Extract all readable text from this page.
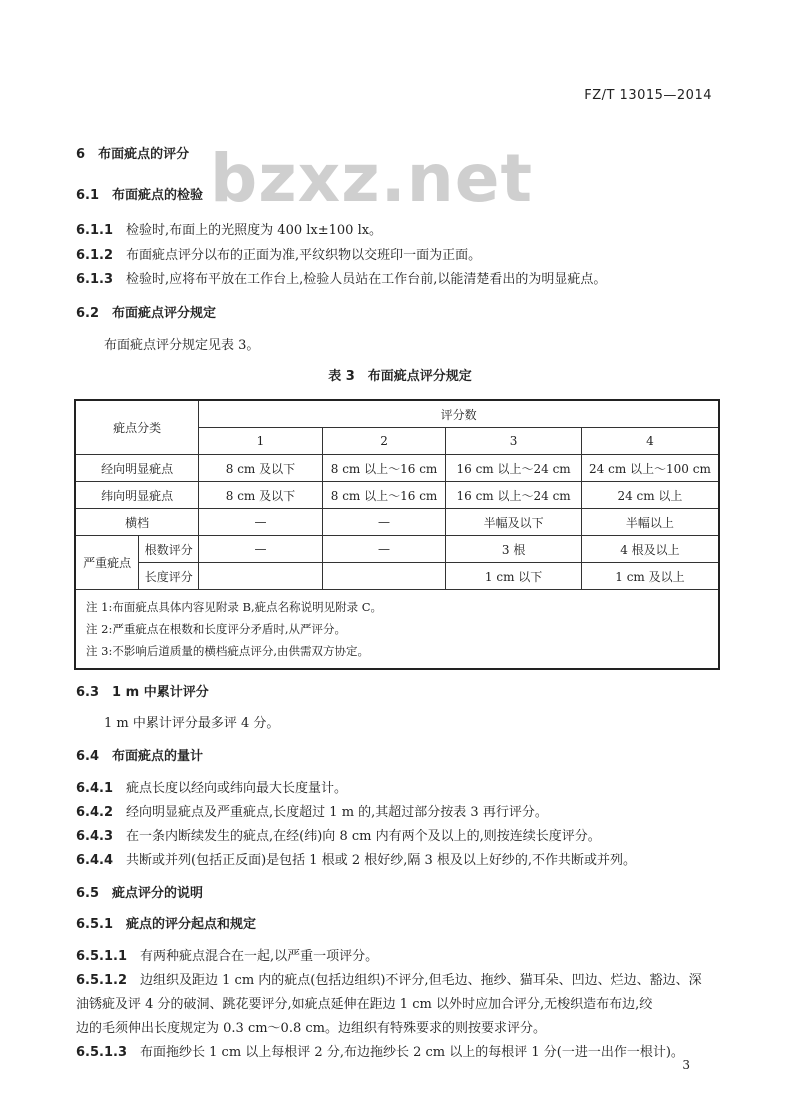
FZ/T 13015—2014
bzxz.net
6　 布面疵点的评分
6.1　 布面疵点的检验
6.1.1　 检验时,布面上的光照度为 400 lx±100 lx。
6.1.2　 布面疵点评分以布的正面为准,平纹织物以交班印一面为正面。
6.1.3　 检验时,应将布平放在工作台上,检验人员站在工作台前,以能清楚看出的为明显疵点。
6.2　 布面疵点评分规定
布面疵点评分规定见表 3。
表 3　布面疵点评分规定
疵点分类		评分数			
		1	2	3	4
经向明显疵点		8 cm 及以下	8 cm 以上～16 cm	16 cm 以上～24 cm	24 cm 以上～100 cm
纬向明显疵点		8 cm 及以下	8 cm 以上～16 cm	16 cm 以上～24 cm	24 cm 以上
横档		—	—	半幅及以下	半幅以上
严重疵点	根数评分	—	—	3 根	4 根及以上
	长度评分			1 cm 以下	1 cm 及以上

注 1:布面疵点具体内容见附录 B,疵点名称说明见附录 C。
注 2:严重疵点在根数和长度评分矛盾时,从严评分。
注 3:不影响后道质量的横档疵点评分,由供需双方协定。					
6.3　 1 m 中累计评分
1 m 中累计评分最多评 4 分。
6.4　 布面疵点的量计
6.4.1　 疵点长度以经向或纬向最大长度量计。
6.4.2　 经向明显疵点及严重疵点,长度超过 1 m 的,其超过部分按表 3 再行评分。
6.4.3　 在一条内断续发生的疵点,在经(纬)向 8 cm 内有两个及以上的,则按连续长度评分。
6.4.4　 共断或并列(包括正反面)是包括 1 根或 2 根好纱,隔 3 根及以上好纱的,不作共断或并列。
6.5　 疵点评分的说明
6.5.1　 疵点的评分起点和规定
6.5.1.1　 有两种疵点混合在一起,以严重一项评分。
6.5.1.2　 边组织及距边 1 cm 内的疵点(包括边组织)不评分,但毛边、拖纱、猫耳朵、凹边、烂边、豁边、深
油锈疵及评 4 分的破洞、跳花要评分,如疵点延伸在距边 1 cm 以外时应加合评分,无梭织造布布边,绞
边的毛须伸出长度规定为 0.3 cm～0.8 cm。边组织有特殊要求的则按要求评分。
6.5.1.3　 布面拖纱长 1 cm 以上每根评 2 分,布边拖纱长 2 cm 以上的每根评 1 分(一进一出作一根计)。
3
